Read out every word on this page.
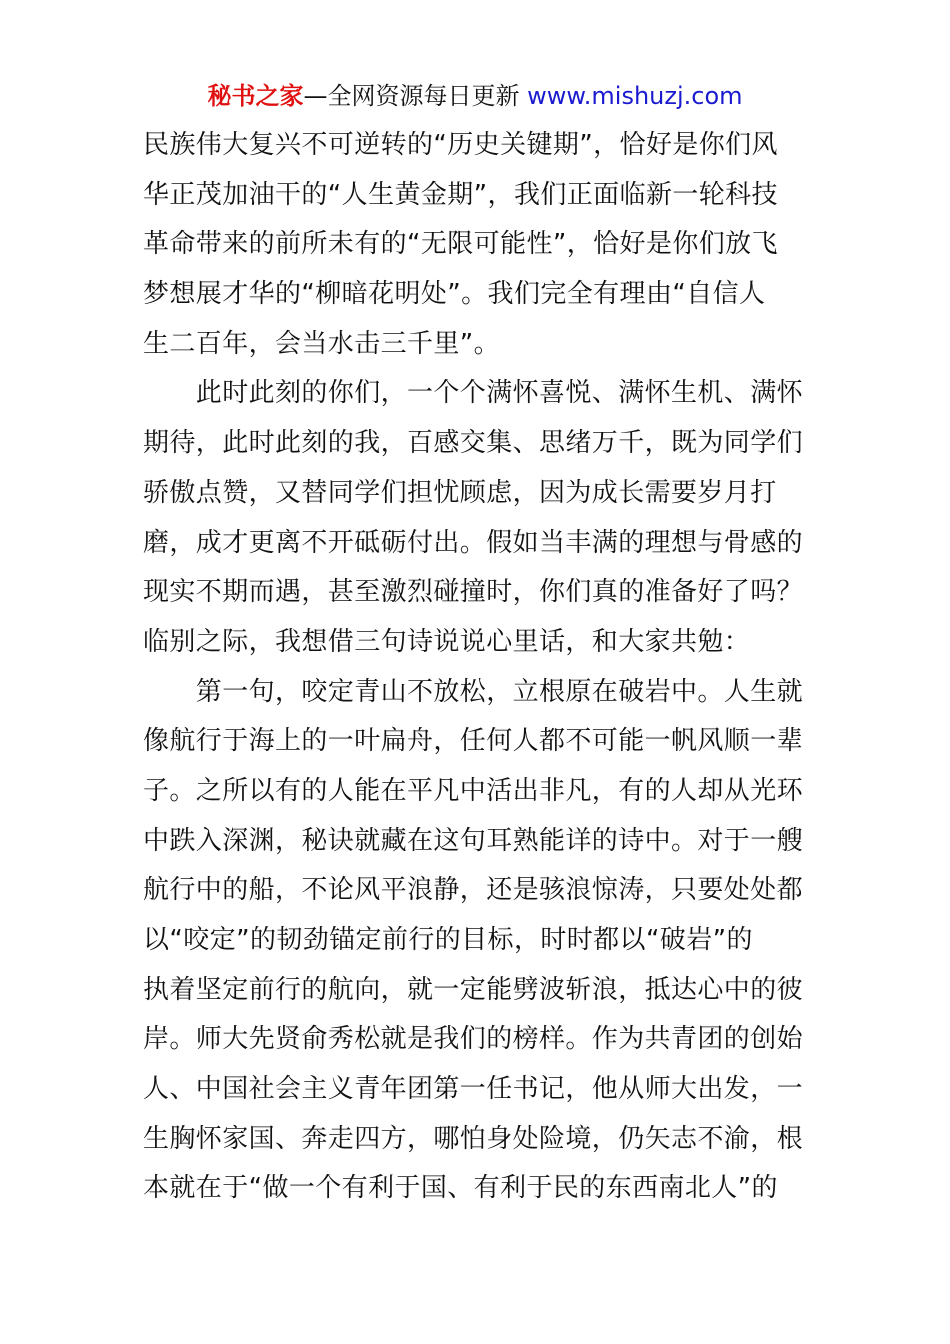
秘书之家—全网资源每日更新 www.mishuzj.com
民族伟大复兴不可逆转的“历史关键期”，恰好是你们风
华正茂加油干的“人生黄金期”，我们正面临新一轮科技
革命带来的前所未有的“无限可能性”，恰好是你们放飞
梦想展才华的“柳暗花明处”。我们完全有理由“自信人
生二百年，会当水击三千里”。
　　此时此刻的你们，一个个满怀喜悦、满怀生机、满怀
期待，此时此刻的我，百感交集、思绪万千，既为同学们
骄傲点赞，又替同学们担忧顾虑，因为成长需要岁月打
磨，成才更离不开砥砺付出。假如当丰满的理想与骨感的
现实不期而遇，甚至激烈碰撞时，你们真的准备好了吗？
临别之际，我想借三句诗说说心里话，和大家共勉：
　　第一句，咬定青山不放松，立根原在破岩中。人生就
像航行于海上的一叶扁舟，任何人都不可能一帆风顺一辈
子。之所以有的人能在平凡中活出非凡，有的人却从光环
中跌入深渊，秘诀就藏在这句耳熟能详的诗中。对于一艘
航行中的船，不论风平浪静，还是骇浪惊涛，只要处处都
以“咬定”的韧劲锚定前行的目标，时时都以“破岩”的
执着坚定前行的航向，就一定能劈波斩浪，抵达心中的彼
岸。师大先贤俞秀松就是我们的榜样。作为共青团的创始
人、中国社会主义青年团第一任书记，他从师大出发，一
生胸怀家国、奔走四方，哪怕身处险境，仍矢志不渝，根
本就在于“做一个有利于国、有利于民的东西南北人”的
